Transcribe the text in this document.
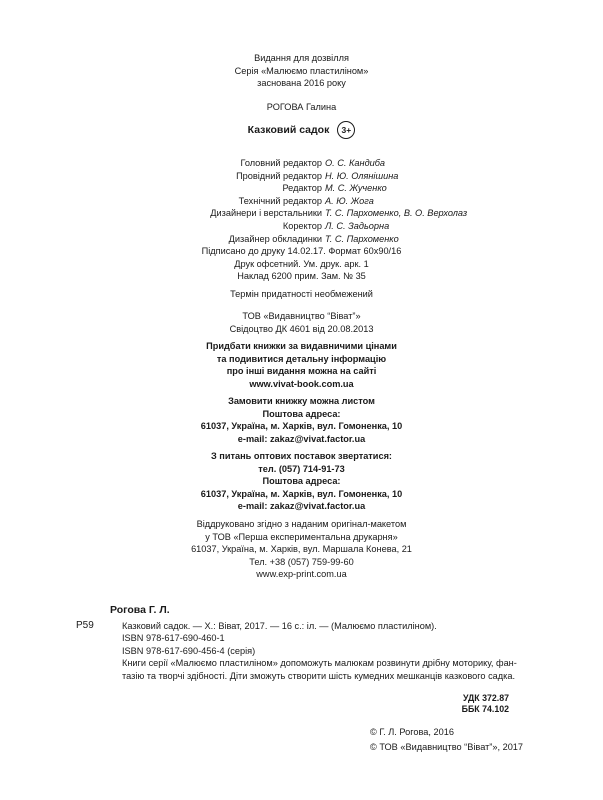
Видання для дозвілля
Серія «Малюємо пластиліном»
заснована 2016 року
РОГОВА Галина
Казковий садок	3+
Головний редактор О. С. Кандиба
Провідний редактор Н. Ю. Олянішина
Редактор М. С. Жученко
Технічний редактор А. Ю. Жога
Дизайнери і верстальники Т. С. Пархоменко, В. О. Верхолаз
Коректор Л. С. Задьорна
Дизайнер обкладинки Т. С. Пархоменко
Підписано до друку 14.02.17. Формат 60х90/16
Друк офсетний. Ум. друк. арк. 1
Наклад 6200 прим. Зам. № 35
Термін придатності необмежений
ТОВ «Видавництво “Віват”»
Свідоцтво ДК 4601 від 20.08.2013
Придбати книжки за видавничими цінами
та подивитися детальну інформацію
про інші видання можна на сайті
www.vivat-book.com.ua
Замовити книжку можна листом
Поштова адреса:
61037, Україна, м. Харків, вул. Гомоненка, 10
e-mail: zakaz@vivat.factor.ua
З питань оптових поставок звертатися:
тел. (057) 714-91-73
Поштова адреса:
61037, Україна, м. Харків, вул. Гомоненка, 10
e-mail: zakaz@vivat.factor.ua
Віддруковано згідно з наданим оригінал-макетом
у ТОВ «Перша експериментальна друкарня»
61037, Україна, м. Харків, вул. Маршала Конева, 21
Тел. +38 (057) 759-99-60
www.exp-print.com.ua
Рогова Г. Л.
Р59	Казковий садок. — Х.: Віват, 2017. — 16 с.: іл. — (Малюємо пластиліном).
ISBN 978-617-690-460-1
ISBN 978-617-690-456-4 (серія)
Книги серії «Малюємо пластиліном» допоможуть малюкам розвинути дрібну моторику, фан-
тазію та творчі здібності. Діти зможуть створити шість кумедних мешканців казкового садка.
УДК 372.87
ББК 74.102
© Г. Л. Рогова, 2016
© ТОВ «Видавництво “Віват”», 2017
